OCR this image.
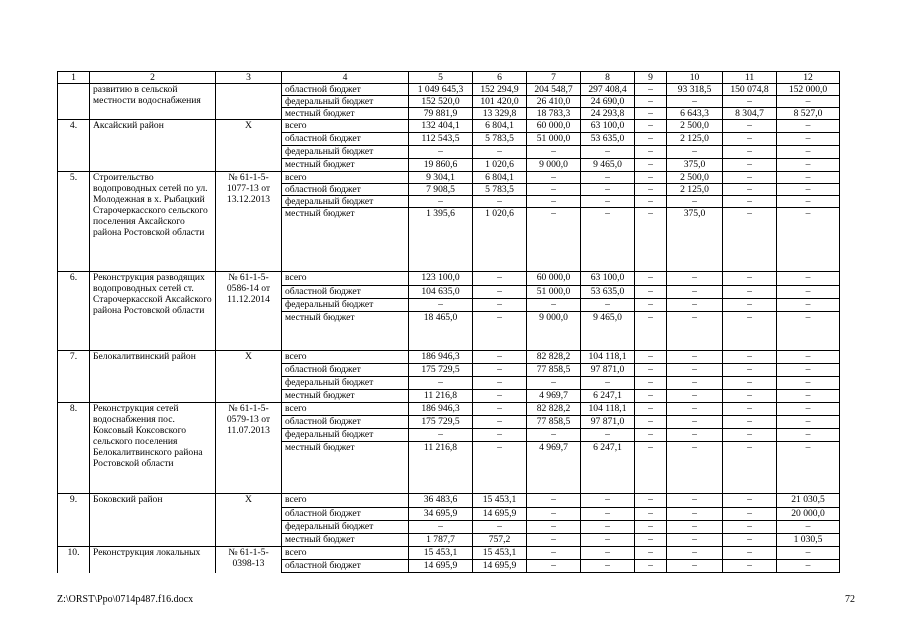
1	2	3	4	5	6	7	8	9	10	11	12
	развитию в сельской местности водоснабжения		областной бюджет	1 049 645,3	152 294,9	204 548,7	297 408,4	–	93 318,5	150 074,8	152 000,0
			федеральный бюджет	152 520,0	101 420,0	26 410,0	24 690,0	–	–	–	–
			местный бюджет	79 881,9	13 329,8	18 783,3	24 293,8	–	6 643,3	8 304,7	8 527,0
4.	Аксайский район	Х	всего	132 404,1	6 804,1	60 000,0	63 100,0	–	2 500,0	–	–
			областной бюджет	112 543,5	5 783,5	51 000,0	53 635,0	–	2 125,0	–	–
			федеральный бюджет	–	–	–	–	–	–	–	–
			местный бюджет	19 860,6	1 020,6	9 000,0	9 465,0	–	375,0	–	–
5.	Строительство водопроводных сетей по ул. Молодежная в х. Рыбацкий Старочеркасского сельского поселения Аксайского района Ростовской области	№ 61-1-5-1077-13 от 13.12.2013	всего	9 304,1	6 804,1	–	–	–	2 500,0	–	–
			областной бюджет	7 908,5	5 783,5	–	–	–	2 125,0	–	–
			федеральный бюджет	–	–	–	–	–	–	–	–
			местный бюджет	1 395,6	1 020,6	–	–	–	375,0	–	–
6.	Реконструкция разводящих водопроводных сетей ст. Старочеркасской Аксайского района Ростовской области	№ 61-1-5-0586-14 от 11.12.2014	всего	123 100,0	–	60 000,0	63 100,0	–	–	–	–
			областной бюджет	104 635,0	–	51 000,0	53 635,0	–	–	–	–
			федеральный бюджет	–	–	–	–	–	–	–	–
			местный бюджет	18 465,0	–	9 000,0	9 465,0	–	–	–	–
7.	Белокалитвинский район	Х	всего	186 946,3	–	82 828,2	104 118,1	–	–	–	–
			областной бюджет	175 729,5	–	77 858,5	97 871,0	–	–	–	–
			федеральный бюджет	–	–	–	–	–	–	–	–
			местный бюджет	11 216,8	–	4 969,7	6 247,1	–	–	–	–
8.	Реконструкция сетей водоснабжения пос. Коксовый Коксовского сельского поселения Белокалитвинского района Ростовской области	№ 61-1-5-0579-13 от 11.07.2013	всего	186 946,3	–	82 828,2	104 118,1	–	–	–	–
			областной бюджет	175 729,5	–	77 858,5	97 871,0	–	–	–	–
			федеральный бюджет	–	–	–	–	–	–	–	–
			местный бюджет	11 216,8	–	4 969,7	6 247,1	–	–	–	–
9.	Боковский район	Х	всего	36 483,6	15 453,1	–	–	–	–	–	21 030,5
			областной бюджет	34 695,9	14 695,9	–	–	–	–	–	20 000,0
			федеральный бюджет	–	–	–	–	–	–	–	–
			местный бюджет	1 787,7	757,2	–	–	–	–	–	1 030,5
10.	Реконструкция локальных	№ 61-1-5-0398-13	всего	15 453,1	15 453,1	–	–	–	–	–	–
			областной бюджет	14 695,9	14 695,9	–	–	–	–	–	–
Z:\ORST\Ppo\0714p487.f16.docx	72
